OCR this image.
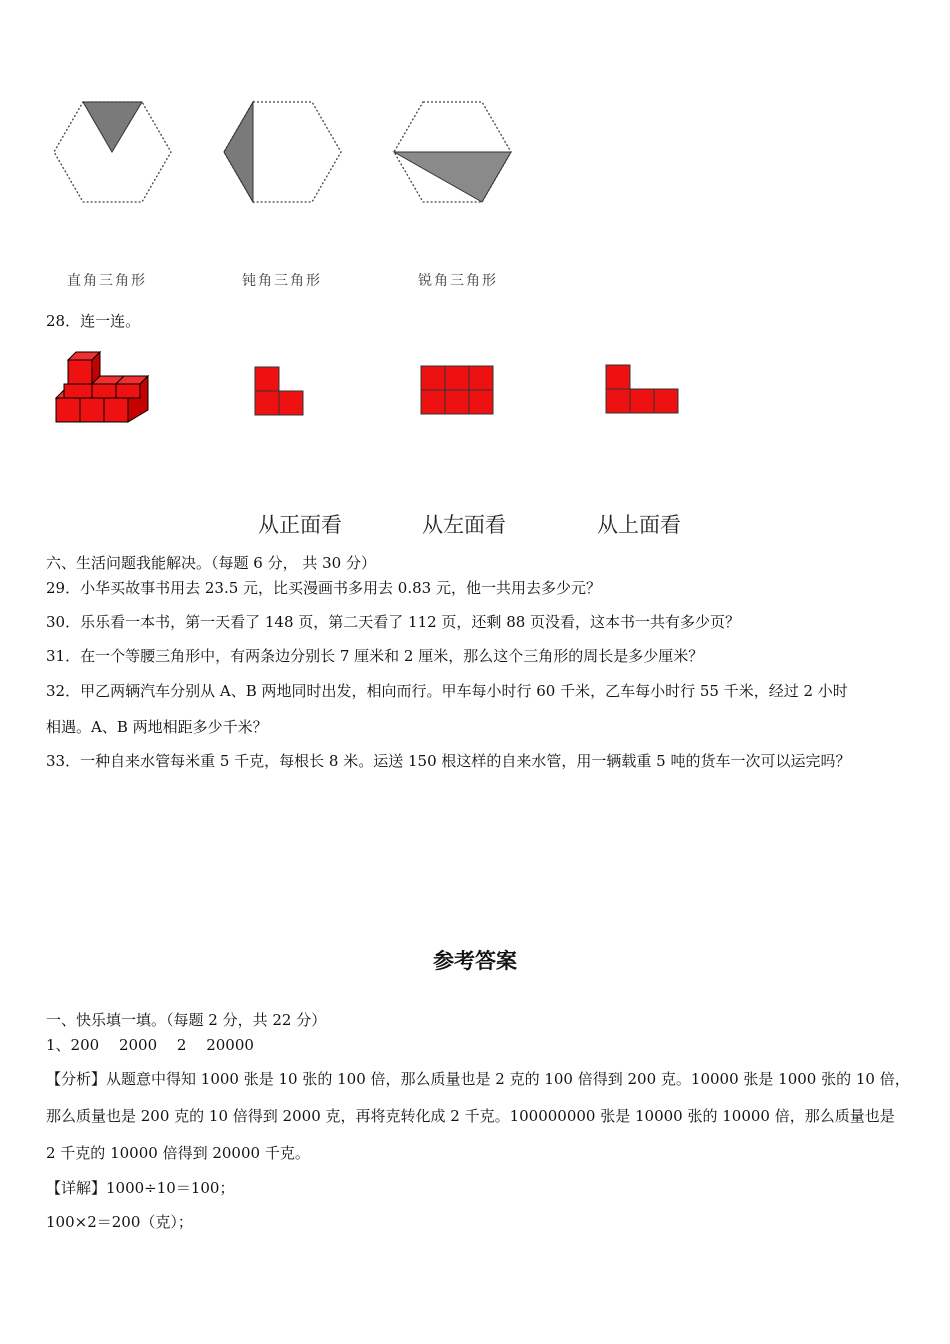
直角三角形	钝角三角形	锐角三角形
28．连一连。
从正面看	从左面看	从上面看
六、生活问题我能解决。（每题 6 分， 共 30 分）
29．小华买故事书用去 23.5 元，比买漫画书多用去 0.83 元，他一共用去多少元？
30．乐乐看一本书，第一天看了 148 页，第二天看了 112 页，还剩 88 页没看，这本书一共有多少页？
31．在一个等腰三角形中，有两条边分别长 7 厘米和 2 厘米，那么这个三角形的周长是多少厘米？
32．甲乙两辆汽车分别从 A、B 两地同时出发，相向而行。甲车每小时行 60 千米，乙车每小时行 55 千米，经过 2 小时
相遇。A、B 两地相距多少千米？
33．一种自来水管每米重 5 千克，每根长 8 米。运送 150 根这样的自来水管，用一辆载重 5 吨的货车一次可以运完吗？
参考答案
一、快乐填一填。（每题 2 分，共 22 分）
1、200　 2000　 2　 20000
【分析】从题意中得知 1000 张是 10 张的 100 倍，那么质量也是 2 克的 100 倍得到 200 克。10000 张是 1000 张的 10 倍，
那么质量也是 200 克的 10 倍得到 2000 克，再将克转化成 2 千克。100000000 张是 10000 张的 10000 倍，那么质量也是
2 千克的 10000 倍得到 20000 千克。
【详解】1000÷10＝100；
100×2＝200（克）；
